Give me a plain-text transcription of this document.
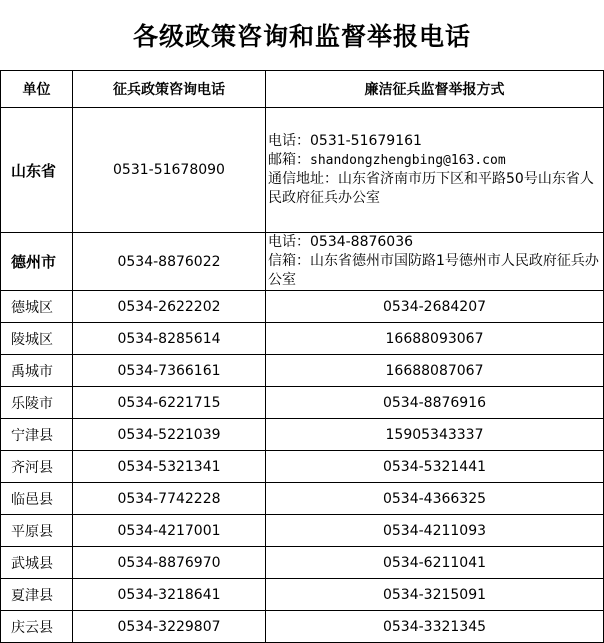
各级政策咨询和监督举报电话
单位	征兵政策咨询电话	廉洁征兵监督举报方式
山东省	0531-51678090	电话：0531-51679161
邮箱：shandongzhengbing@163.com
通信地址：山东省济南市历下区和平路50号山东省人民政府征兵办公室

德州市	0534-8876022	电话：0534-8876036
信箱：山东省德州市国防路1号德州市人民政府征兵办公室

德城区	0534-2622202	0534-2684207
陵城区	0534-8285614	16688093067
禹城市	0534-7366161	16688087067
乐陵市	0534-6221715	0534-8876916
宁津县	0534-5221039	15905343337
齐河县	0534-5321341	0534-5321441
临邑县	0534-7742228	0534-4366325
平原县	0534-4217001	0534-4211093
武城县	0534-8876970	0534-6211041
夏津县	0534-3218641	0534-3215091
庆云县	0534-3229807	0534-3321345
